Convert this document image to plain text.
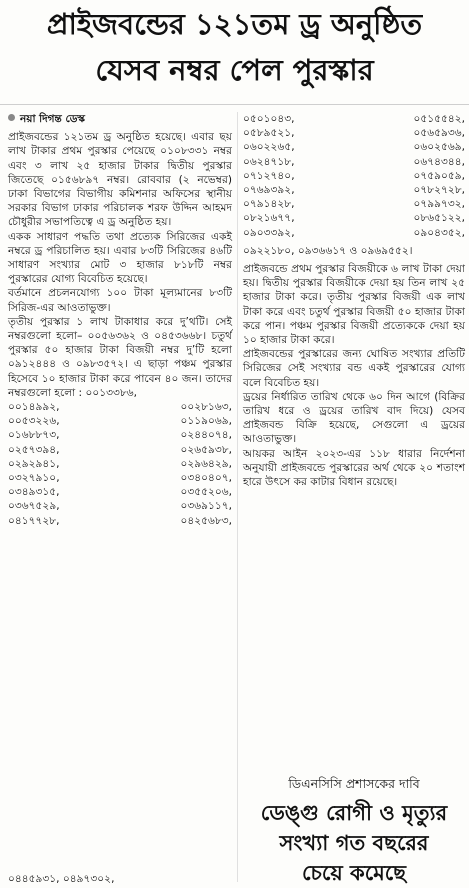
প্রাইজবন্ডের ১২১তম ড্র অনুষ্ঠিত
যেসব নম্বর পেল পুরস্কার

নয়া দিগন্ত ডেস্ক

প্রাইজবন্ডের ১২১তম ড্র অনুষ্ঠিত হয়েছে। এবার ছয় লাখ টাকার প্রথম পুরস্কার পেয়েছে ০১০৮৩৩১ নম্বর এবং ৩ লাখ ২৫ হাজার টাকার দ্বিতীয় পুরস্কার জিতেছে ০১৫৬৮৯৭ নম্বর। রোববার (২ নভেম্বর) ঢাকা বিভাগের বিভাগীয় কমিশনার অফিসের স্থানীয় সরকার বিভাগ ঢাকার পরিচালক শরফ উদ্দিন আহমদ চৌধুরীর সভাপতিত্বে এ ড্র অনুষ্ঠিত হয়।

একক সাধারণ পদ্ধতি তথা প্রত্যেক সিরিজের একই নম্বরে ড্র পরিচালিত হয়। এবার ৮৩টি সিরিজের ৪৬টি সাধারণ সংখ্যার মোট ৩ হাজার ৮১৮টি নম্বর পুরস্কারের যোগ্য বিবেচিত হয়েছে।

বর্তমানে প্রচলনযোগ্য ১০০ টাকা মূল্যমানের ৮৩টি সিরিজ-এর আওতাভুক্ত।

তৃতীয় পুরস্কার ১ লাখ টাকাধার করে দু’থটি। সেই নম্বরগুলো হলো– ০০৫৬৩৬২ ও ০৪৫৩৬৬৮। চতুর্থ পুরস্কার ৫০ হাজার টাকা বিজয়ী নম্বর দু’টি হলো ০৯১২৪৪৪ ও ০৯৮৩৫৭২। এ ছাড়া পঞ্চম পুরস্কার হিসেবে ১০ হাজার টাকা করে পাবেন ৪০ জন। তাদের নম্বরগুলো হলো : ০০১৩৩৮৬,

০০১৪৯৯২,	০০২৮১৬৩,
০০৫৩২২৬,	০১১৯০৬৯,
০১৬৮৮৭৩,	০২৪৪০৭৪,
০২৫৭৩৯৪,	০২৬৫৯৩৮,
০২৯২৯৪১,	০২৯৬৪২৯,
০৩২৭৯১০,	০৩৪০৪০৭,
০৩৪৯৩১৫,	০৩৫৫২০৬,
০৩৬৭৫২৯,	০৩৬৯১১৭,
০৪১৭৭২৮,	০৪২৫৬৮৩,
০৪৪৫৯৩১, ০৪৯৭৩০২,
০৫০১০৪৩,	০৫১৫৫৪২,
০৫৮৯৫২১,	০৫৬৫৯৩৬,
০৬০২২৬৫,	০৬০২৫৬৯,
০৬২৪৭১৮,	০৬৭৪৩৪৪,
০৭১২৭৪০,	০৭৫৯০৫৯,
০৭৬৯৩৯২,	০৭৮২৭২৮,
০৭৯১৪২৮,	০৭৯৯৭৩২,
০৮২১৬৭৭,	০৮৬৫১২২,
০৯০৩৩৯২,	০৯০৪৩৫২,

০৯২২১৮০, ০৯৩৬৬১৭ ও ০৯৬৯৫৫২।

প্রাইজবন্ডে প্রথম পুরস্কার বিজয়ীকে ৬ লাখ টাকা দেয়া হয়। দ্বিতীয় পুরস্কার বিজয়ীকে দেয়া হয় তিন লাখ ২৫ হাজার টাকা করে। তৃতীয় পুরস্কার বিজয়ী এক লাখ টাকা করে এবং চতুর্থ পুরস্কার বিজয়ী ৫০ হাজার টাকা করে পান। পঞ্চম পুরস্কার বিজয়ী প্রত্যেককে দেয়া হয় ১০ হাজার টাকা করে।

প্রাইজবন্ডের পুরস্কারের জন্য ঘোষিত সংখ্যার প্রতিটি সিরিজের সেই সংখ্যার বন্ড একই পুরস্কারের যোগ্য বলে বিবেচিত হয়।

ড্রয়ের নির্ধারিত তারিখ থেকে ৬০ দিন আগে (বিক্রির তারিখ ধরে ও ড্রয়ের তারিখ বাদ দিয়ে) যেসব প্রাইজবন্ড বিক্রি হয়েছে, সেগুলো এ ড্রয়ের আওতাভুক্ত।

আয়কর আইন ২০২৩-এর ১১৮ ধারার নির্দেশনা অনুযায়ী প্রাইজবন্ডে পুরস্কারের অর্থ থেকে ২০ শতাংশ হারে উৎসে কর কাটার বিধান রয়েছে।

ডিএনসিসি প্রশাসকের দাবি
ডেঙ্গু রোগী ও মৃত্যুর
সংখ্যা গত বছরের
চেয়ে কমেছে
